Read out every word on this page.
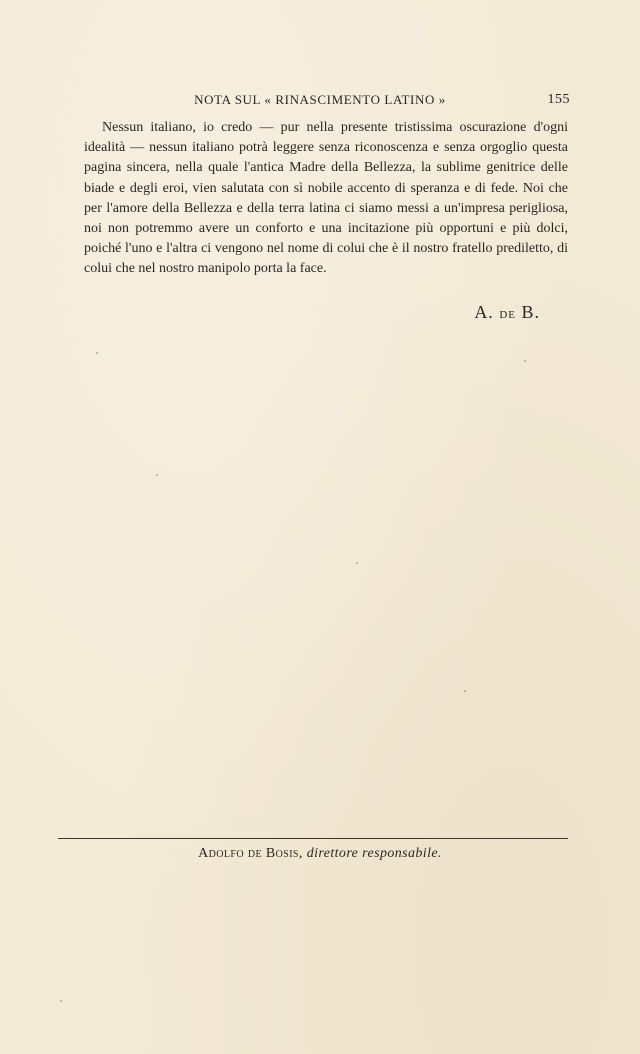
NOTA SUL « RINASCIMENTO LATINO »	155

Nessun italiano, io credo — pur nella presente tristissima oscurazione d'ogni idealità — nessun italiano potrà leggere senza riconoscenza e senza orgoglio questa pagina sincera, nella quale l'antica Madre della Bellezza, la sublime genitrice delle biade e degli eroi, vien salutata con sì nobile accento di speranza e di fede. Noi che per l'amore della Bellezza e della terra latina ci siamo messi a un'impresa perigliosa, noi non potremmo avere un conforto e una incitazione più opportuni e più dolci, poiché l'uno e l'altra ci vengono nel nome di colui che è il nostro fratello prediletto, di colui che nel nostro manipolo porta la face.

A. de B.
Adolfo de Bosis, direttore responsabile.
